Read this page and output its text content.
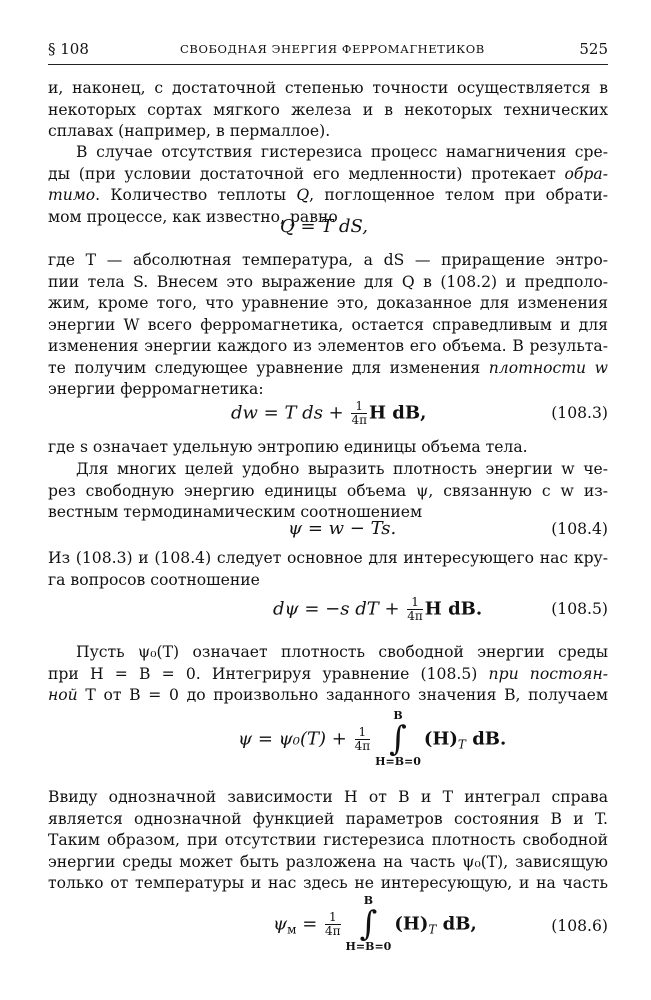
§ 108	СВОБОДНАЯ ЭНЕРГИЯ ФЕРРОМАГНЕТИКОВ	525
и, наконец, с достаточной степенью точности осуществляется в
некоторых сортах мягкого железа и в некоторых технических
сплавах (например, в пермаллое).
В случае отсутствия гистерезиса процесс намагничения сре-
ды (при условии достаточной его медленности) протекает обра-
тимо. Количество теплоты Q, поглощенное телом при обрати-
мом процессе, как известно, равно
Q = T dS,
где T — абсолютная температура, а dS — приращение энтро-
пии тела S. Внесем это выражение для Q в (108.2) и предполо-
жим, кроме того, что уравнение это, доказанное для изменения
энергии W всего ферромагнетика, остается справедливым и для
изменения энергии каждого из элементов его объема. В результа-
те получим следующее уравнение для изменения плотности w
энергии ферромагнетика:
dw = T ds + $\frac{1}{4\pi}$ H dB,	(108.3)
где s означает удельную энтропию единицы объема тела.
Для многих целей удобно выразить плотность энергии w че-
рез свободную энергию единицы объема ψ, связанную с w из-
вестным термодинамическим соотношением
ψ = w − Ts.	(108.4)
Из (108.3) и (108.4) следует основное для интересующего нас кру-
га вопросов соотношение
dψ = −s dT + $\frac{1}{4\pi}$ H dB.	(108.5)
Пусть ψ₀(T) означает плотность свободной энергии среды
при H = B = 0. Интегрируя уравнение (108.5) при постоян-
ной T от B = 0 до произвольно заданного значения B, получаем
$\psi = \psi_0(T) + \frac{1}{4\pi}$
B
∫
$H=B=0(H)_T$ dB.
Ввиду однозначной зависимости H от B и T интеграл справа
является однозначной функцией параметров состояния B и T.
Таким образом, при отсутствии гистерезиса плотность свободной
энергии среды может быть разложена на часть ψ₀(T), зависящую
только от температуры и нас здесь не интересующую, и на часть
$\psi_м = \frac{1}{4\pi}$
B
∫
$H=B=0(H)_T$ dB,	(108.6)
